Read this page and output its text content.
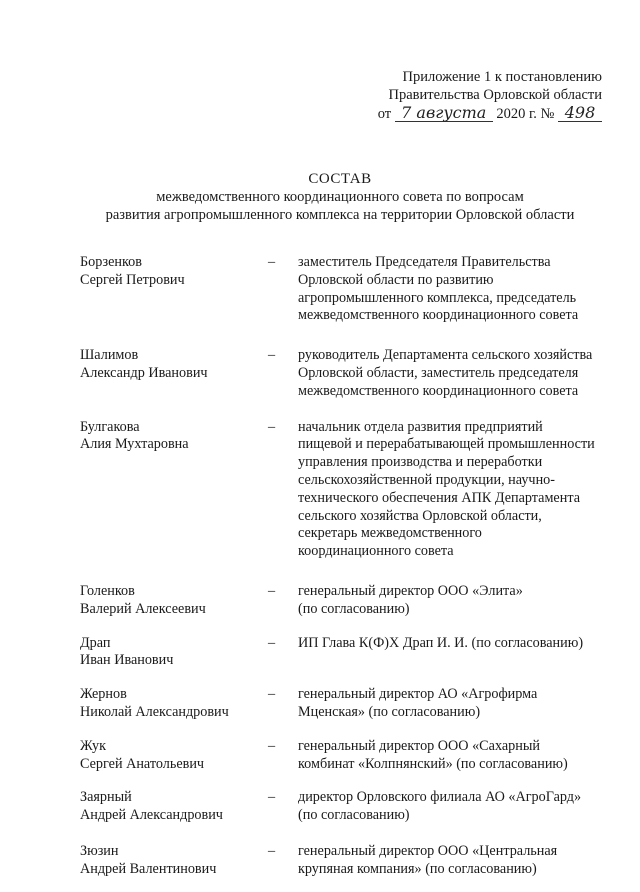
Приложение 1 к постановлению
Правительства Орловской области
от 7 августа 2020 г. № 498
СОСТАВ
межведомственного координационного совета по вопросам
развития агропромышленного комплекса на территории Орловской области
Борзенков
Сергей Петрович
–	заместитель Председателя Правительства
Орловской области по развитию
агропромышленного комплекса, председатель
межведомственного координационного совета
Шалимов
Александр Иванович
–	руководитель Департамента сельского хозяйства
Орловской области, заместитель председателя
межведомственного координационного совета
Булгакова
Алия Мухтаровна
–	начальник отдела развития предприятий
пищевой и перерабатывающей промышленности
управления производства и переработки
сельскохозяйственной продукции, научно-
технического обеспечения АПК Департамента
сельского хозяйства Орловской области,
секретарь межведомственного
координационного совета
Голенков
Валерий Алексеевич
–	генеральный директор ООО «Элита»
(по согласованию)
Драп
Иван Иванович
–	ИП Глава К(Ф)Х Драп И. И. (по согласованию)
Жернов
Николай Александрович
–	генеральный директор АО «Агрофирма
Мценская» (по согласованию)
Жук
Сергей Анатольевич
–	генеральный директор ООО «Сахарный
комбинат «Колпнянский» (по согласованию)
Заярный
Андрей Александрович
–	директор Орловского филиала АО «АгроГард»
(по согласованию)
Зюзин
Андрей Валентинович
–	генеральный директор ООО «Центральная
крупяная компания» (по согласованию)
